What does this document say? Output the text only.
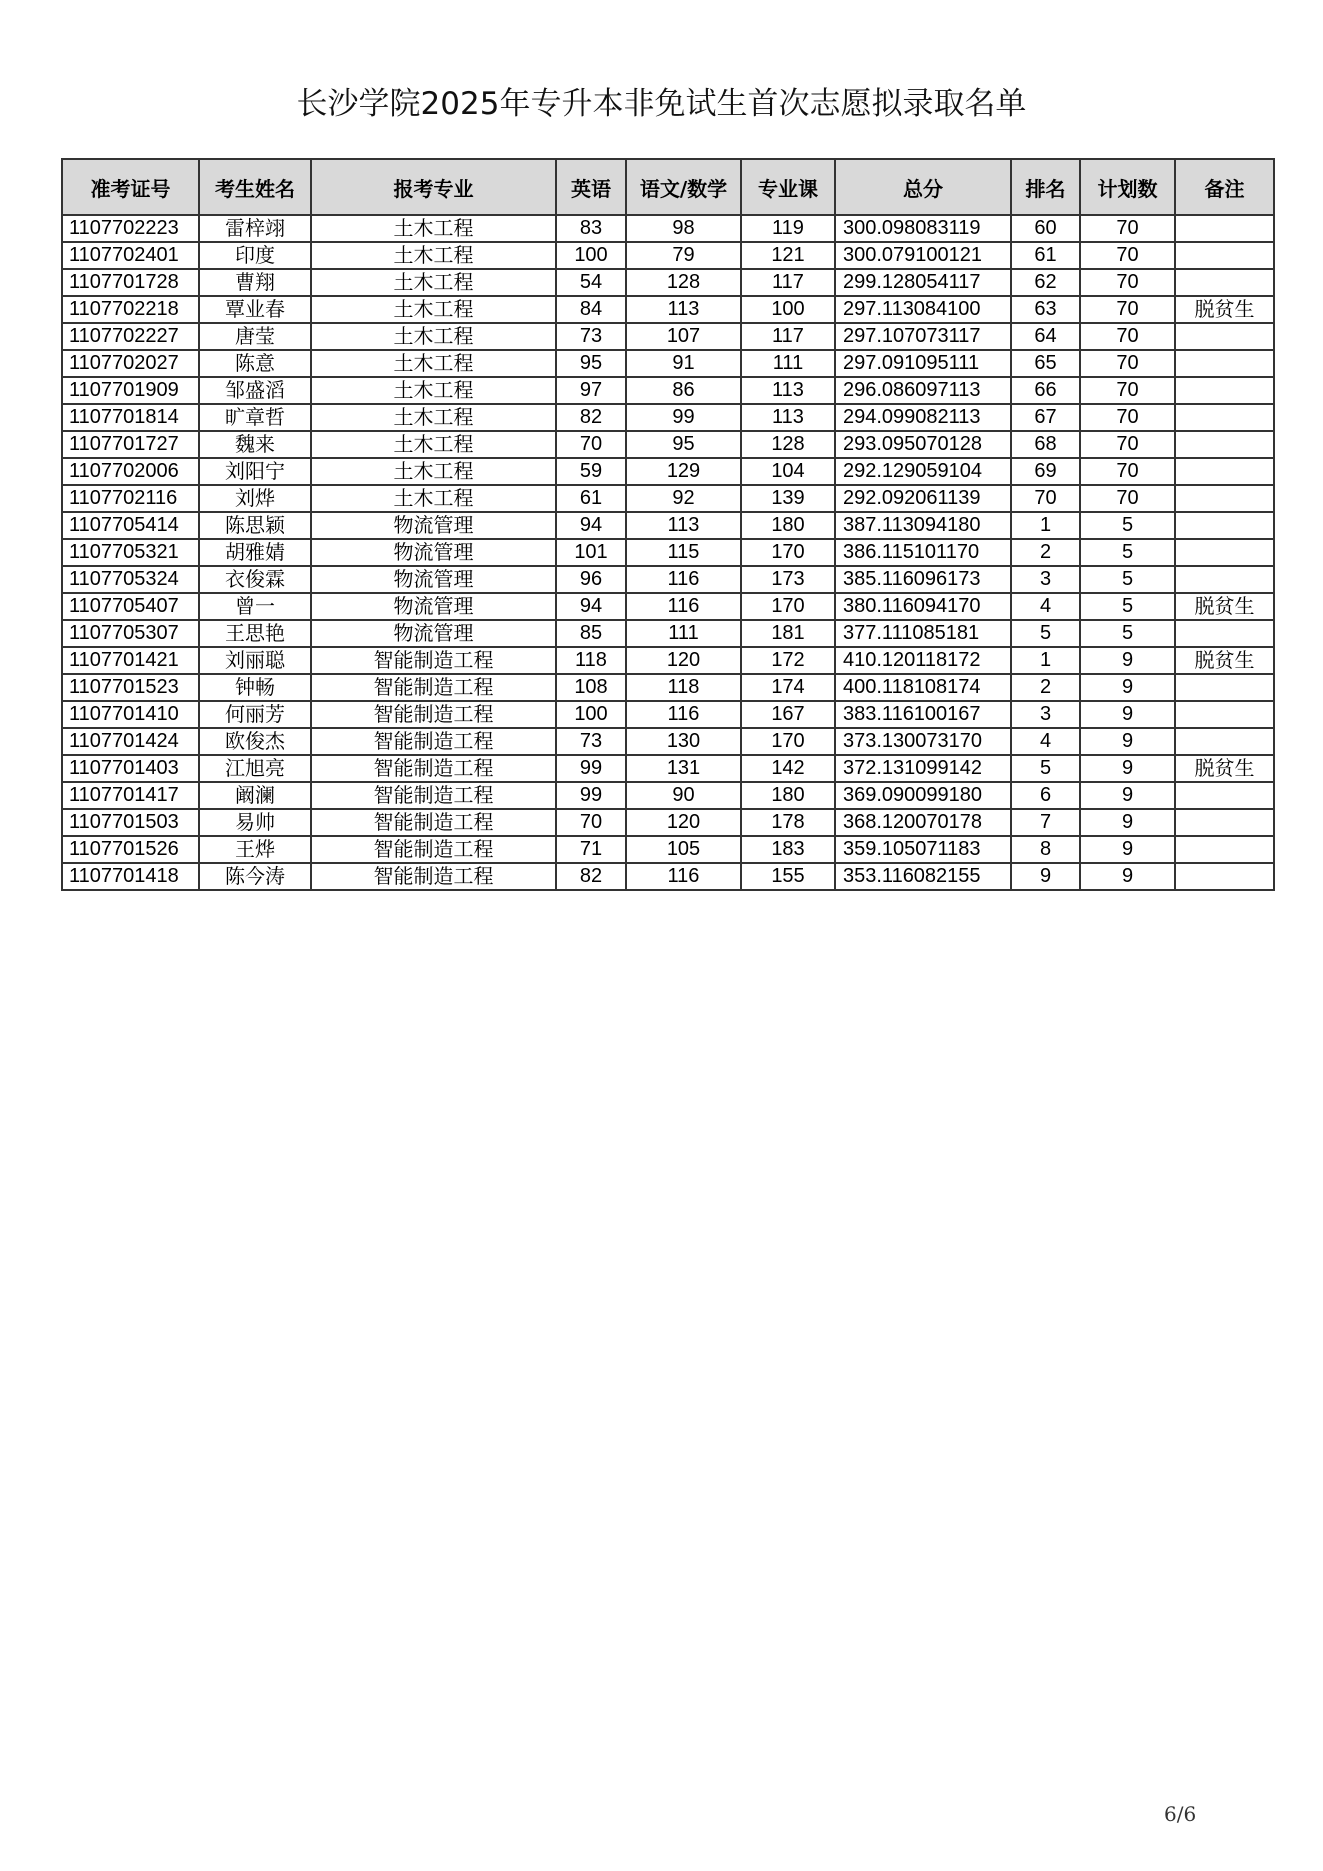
长沙学院2025年专升本非免试生首次志愿拟录取名单
准考证号	考生姓名	报考专业	英语	语文/数学	专业课	总分	排名	计划数	备注
1107702223	雷梓翊	土木工程	83	98	119	300.098083119	60	70	
1107702401	印度	土木工程	100	79	121	300.079100121	61	70	
1107701728	曹翔	土木工程	54	128	117	299.128054117	62	70	
1107702218	覃业春	土木工程	84	113	100	297.113084100	63	70	脱贫生
1107702227	唐莹	土木工程	73	107	117	297.107073117	64	70	
1107702027	陈意	土木工程	95	91	111	297.091095111	65	70	
1107701909	邹盛滔	土木工程	97	86	113	296.086097113	66	70	
1107701814	旷章哲	土木工程	82	99	113	294.099082113	67	70	
1107701727	魏来	土木工程	70	95	128	293.095070128	68	70	
1107702006	刘阳宁	土木工程	59	129	104	292.129059104	69	70	
1107702116	刘烨	土木工程	61	92	139	292.092061139	70	70	
1107705414	陈思颖	物流管理	94	113	180	387.113094180	1	5	
1107705321	胡雅婧	物流管理	101	115	170	386.115101170	2	5	
1107705324	衣俊霖	物流管理	96	116	173	385.116096173	3	5	
1107705407	曾一	物流管理	94	116	170	380.116094170	4	5	脱贫生
1107705307	王思艳	物流管理	85	111	181	377.111085181	5	5	
1107701421	刘丽聪	智能制造工程	118	120	172	410.120118172	1	9	脱贫生
1107701523	钟畅	智能制造工程	108	118	174	400.118108174	2	9	
1107701410	何丽芳	智能制造工程	100	116	167	383.116100167	3	9	
1107701424	欧俊杰	智能制造工程	73	130	170	373.130073170	4	9	
1107701403	江旭亮	智能制造工程	99	131	142	372.131099142	5	9	脱贫生
1107701417	阚澜	智能制造工程	99	90	180	369.090099180	6	9	
1107701503	易帅	智能制造工程	70	120	178	368.120070178	7	9	
1107701526	王烨	智能制造工程	71	105	183	359.105071183	8	9	
1107701418	陈今涛	智能制造工程	82	116	155	353.116082155	9	9	
6/6
